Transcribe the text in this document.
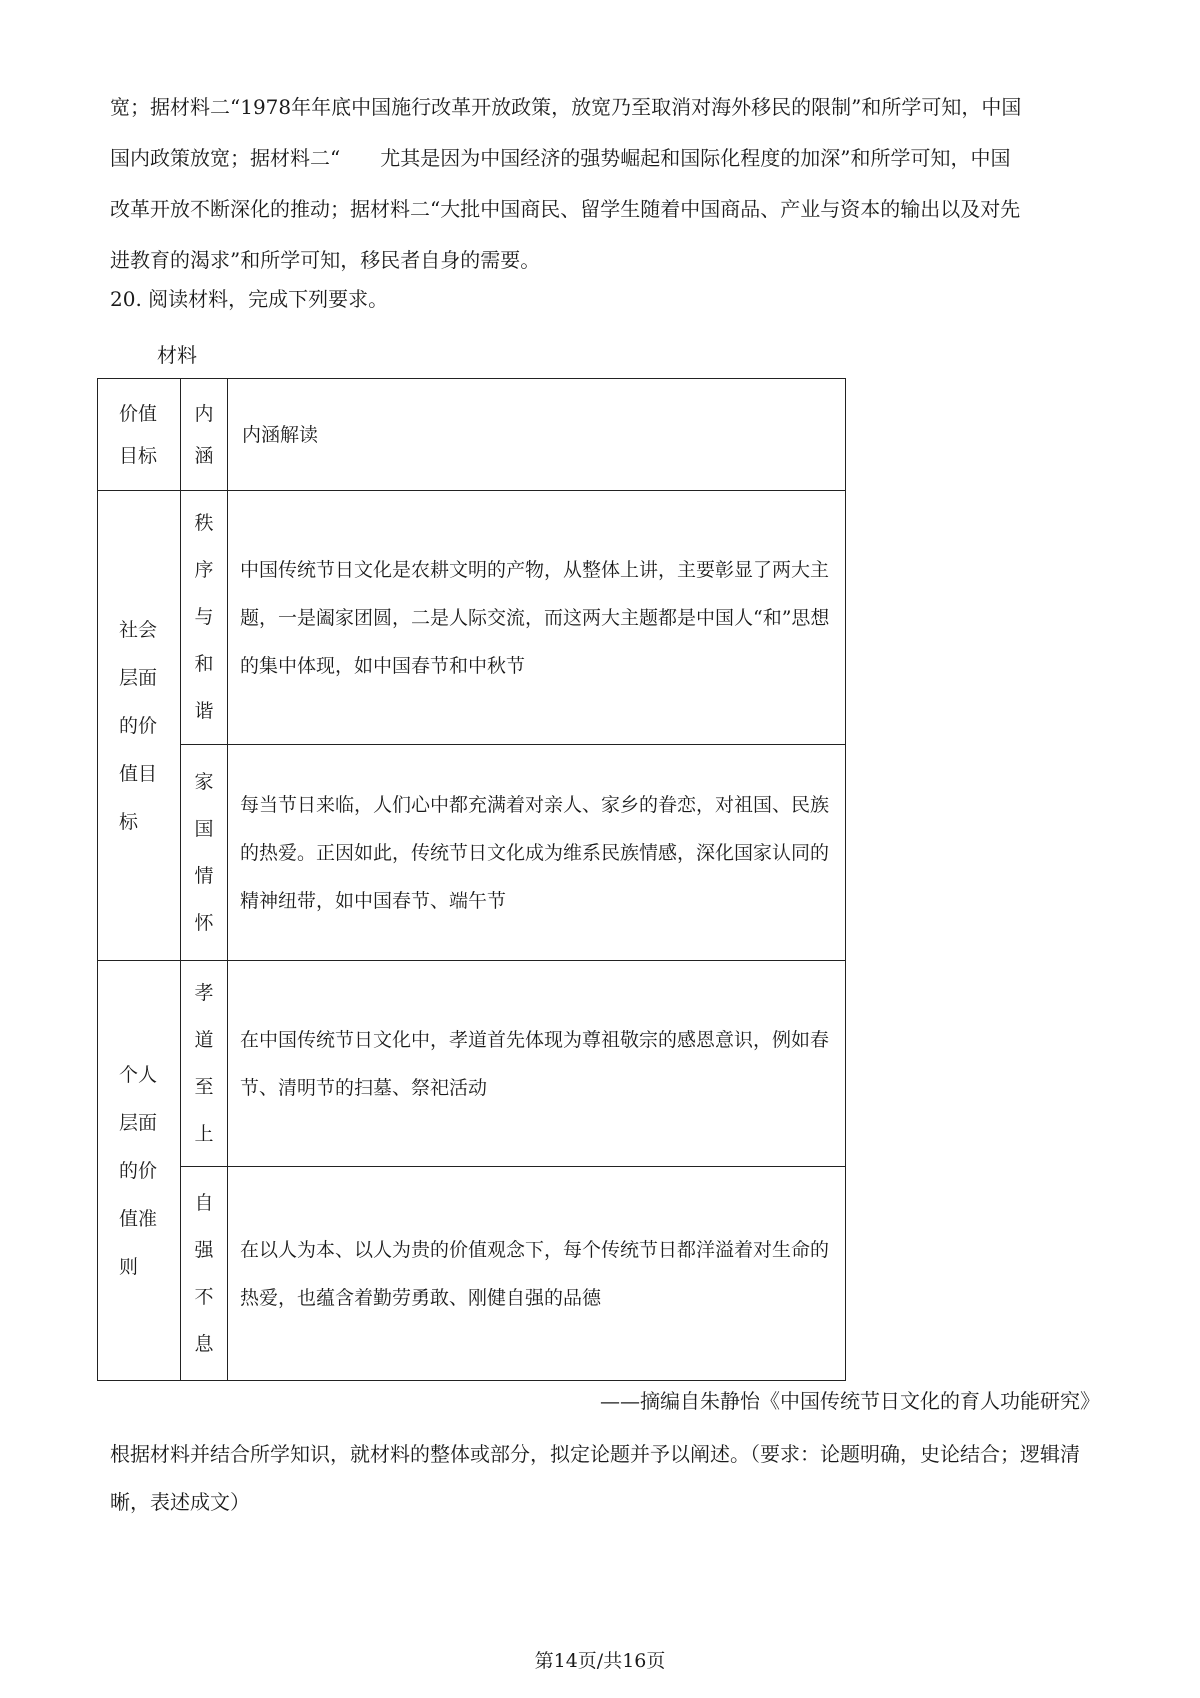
宽；据材料二“1978年年底中国施行改革开放政策，放宽乃至取消对海外移民的限制”和所学可知，中国
国内政策放宽；据材料二“　　尤其是因为中国经济的强势崛起和国际化程度的加深”和所学可知，中国
改革开放不断深化的推动；据材料二“大批中国商民、留学生随着中国商品、产业与资本的输出以及对先
进教育的渴求”和所学可知，移民者自身的需要。

20. 阅读材料，完成下列要求。

材料

价值目标	内涵	内涵解读

社会层面的价值目标	秩序与和谐	中国传统节日文化是农耕文明的产物，从整体上讲，主要彰显了两大主题，一是阖家团圆，二是人际交流，而这两大主题都是中国人“和”思想的集中体现，如中国春节和中秋节

	家国情怀	每当节日来临，人们心中都充满着对亲人、家乡的眷恋，对祖国、民族的热爱。正因如此，传统节日文化成为维系民族情感，深化国家认同的精神纽带，如中国春节、端午节

个人层面的价值准则	孝道至上	在中国传统节日文化中，孝道首先体现为尊祖敬宗的感恩意识，例如春节、清明节的扫墓、祭祀活动

	自强不息	在以人为本、以人为贵的价值观念下，每个传统节日都洋溢着对生命的热爱，也蕴含着勤劳勇敢、刚健自强的品德

——摘编自朱静怡《中国传统节日文化的育人功能研究》

根据材料并结合所学知识，就材料的整体或部分，拟定论题并予以阐述。（要求：论题明确，史论结合；逻辑清晰，表述成文）

第14页/共16页
